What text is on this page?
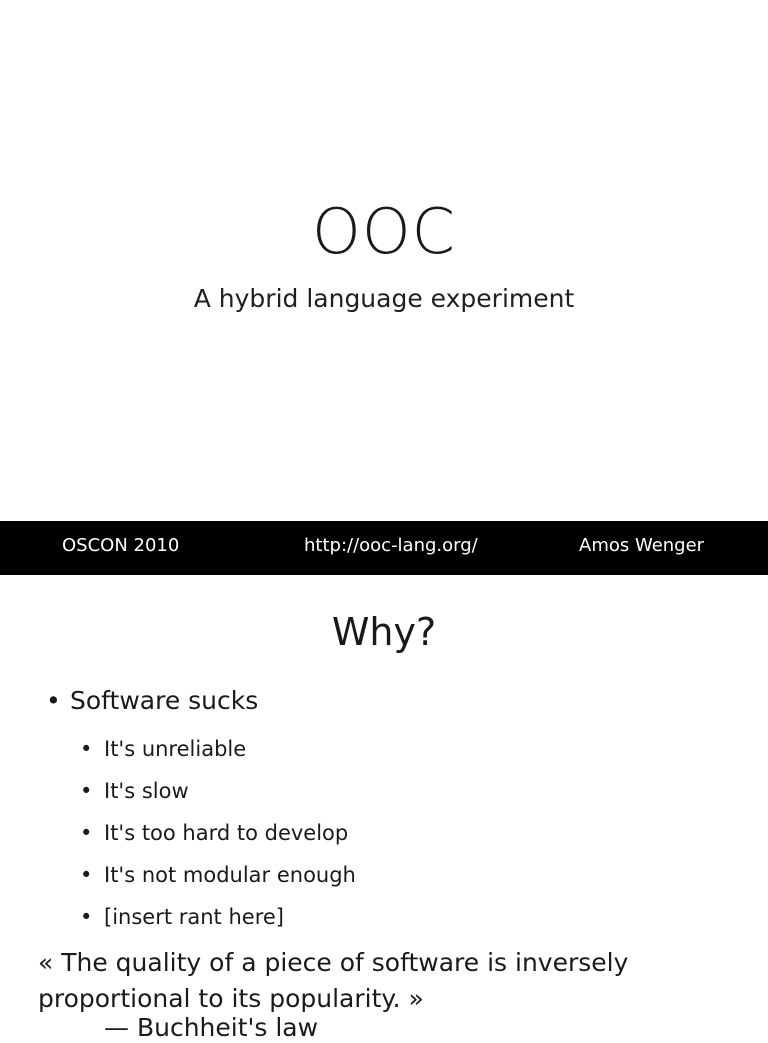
OOC
A hybrid language experiment
OSCON 2010	http://ooc-lang.org/	Amos Wenger
Why?
• Software sucks
• It's unreliable
• It's slow
• It's too hard to develop
• It's not modular enough
• [insert rant here]
« The quality of a piece of software is inversely proportional to its popularity. »
— Buchheit's law
